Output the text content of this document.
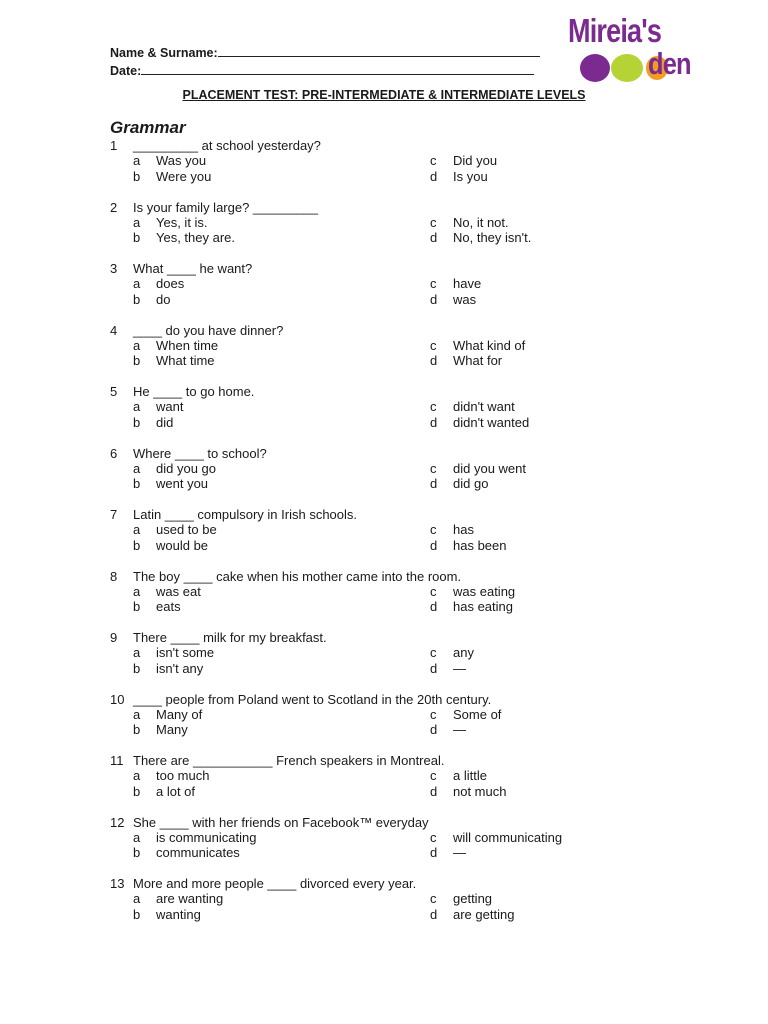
Name & Surname:
Date:
Mireia's
den
PLACEMENT TEST: PRE-INTERMEDIATE & INTERMEDIATE LEVELS
Grammar
1 _________ at school yesterday?
a Was you	c Did you
b Were you	d Is you
2 Is your family large? _________
a Yes, it is.	c No, it not.
b Yes, they are.	d No, they isn't.
3 What ____ he want?
a does	c have
b do	d was
4 ____ do you have dinner?
a When time	c What kind of
b What time	d What for
5 He ____ to go home.
a want	c didn't want
b did	d didn't wanted
6 Where ____ to school?
a did you go	c did you went
b went you	d did go
7 Latin ____ compulsory in Irish schools.
a used to be	c has
b would be	d has been
8 The boy ____ cake when his mother came into the room.
a was eat	c was eating
b eats	d has eating
9 There ____ milk for my breakfast.
a isn't some	c any
b isn't any	d —
10 ____ people from Poland went to Scotland in the 20th century.
a Many of	c Some of
b Many	d —
11 There are ___________ French speakers in Montreal.
a too much	c a little
b a lot of	d not much
12 She ____ with her friends on Facebook™ everyday
a is communicating	c will communicating
b communicates	d —
13 More and more people ____ divorced every year.
a are wanting	c getting
b wanting	d are getting
